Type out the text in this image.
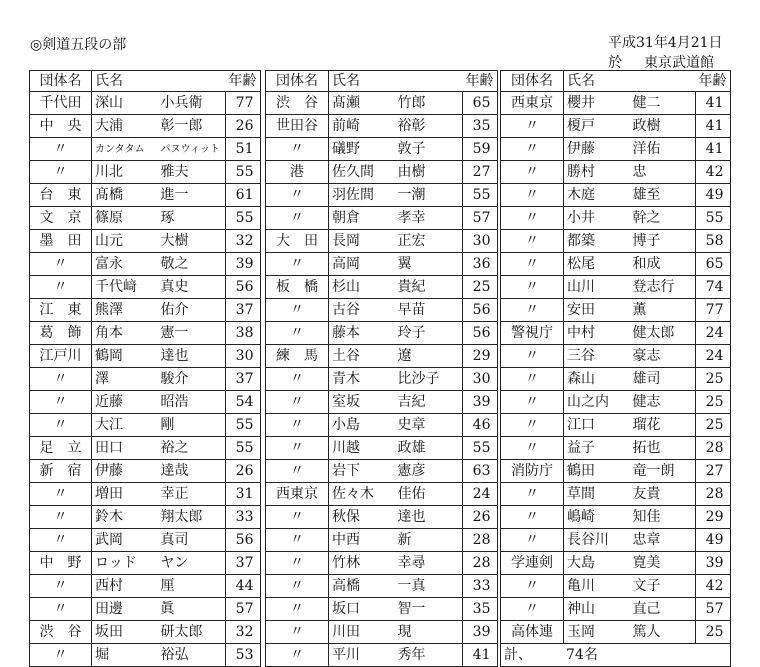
◎剣道五段の部	平成31年4月21日
於 東京武道館
団体名	氏名		年齢
千代田	深山	小兵衛	77
中　央	大浦	彰一郎	26
〃	カンタタム	パヌウィット	51
〃	川北	雅夫	55
台　東	髙橋	進一	61
文　京	篠原	琢	55
墨　田	山元	大樹	32
〃	富永	敬之	39
〃	千代﨑	真史	56
江　東	熊澤	佑介	37
葛　飾	角本	憲一	38
江戸川	鶴岡	達也	30
〃	澤	駿介	37
〃	近藤	昭浩	54
〃	大江	剛	55
足　立	田口	裕之	55
新　宿	伊藤	達哉	26
〃	増田	幸正	31
〃	鈴木	翔太郎	33
〃	武岡	真司	56
中　野	ロッド	ヤン	37
〃	西村	厘	44
〃	田邊	眞	57
渋　谷	坂田	研太郎	32
〃	堀	裕弘	53
団体名	氏名		年齢
渋　谷	髙瀬	竹郎	65
世田谷	前崎	裕彰	35
〃	礒野	敦子	59
港	佐久間	由樹	27
〃	羽佐間	一潮	55
〃	朝倉	孝幸	57
大　田	長岡	正宏	30
〃	高岡	翼	36
板　橋	杉山	貴紀	25
〃	古谷	早苗	56
〃	藤本	玲子	56
練　馬	土谷	遼	29
〃	青木	比沙子	30
〃	室坂	吉紀	39
〃	小島	史章	46
〃	川越	政雄	55
〃	岩下	憲彦	63
西東京	佐々木	佳佑	24
〃	秋保	達也	26
〃	中西	新	28
〃	竹林	幸尋	28
〃	高橋	一真	33
〃	坂口	智一	35
〃	川田	現	39
〃	平川	秀年	41
団体名	氏名		年齢
西東京	櫻井	健二	41
〃	榎戸	政樹	41
〃	伊藤	洋佑	41
〃	勝村	忠	42
〃	木庭	雄至	49
〃	小井	幹之	55
〃	都築	博子	58
〃	松尾	和成	65
〃	山川	登志行	74
〃	安田	薫	77
警視庁	中村	健太郎	24
〃	三谷	豪志	24
〃	森山	雄司	25
〃	山之内	健志	25
〃	江口	瑠花	25
〃	益子	拓也	28
消防庁	鶴田	竜一朗	27
〃	草間	友貴	28
〃	嶋崎	知佳	29
〃	長谷川	忠章	49
学連剣	大島	寛美	39
〃	亀川	文子	42
〃	神山	直己	57
高体連	玉岡	篤人	25
計、 74名			
